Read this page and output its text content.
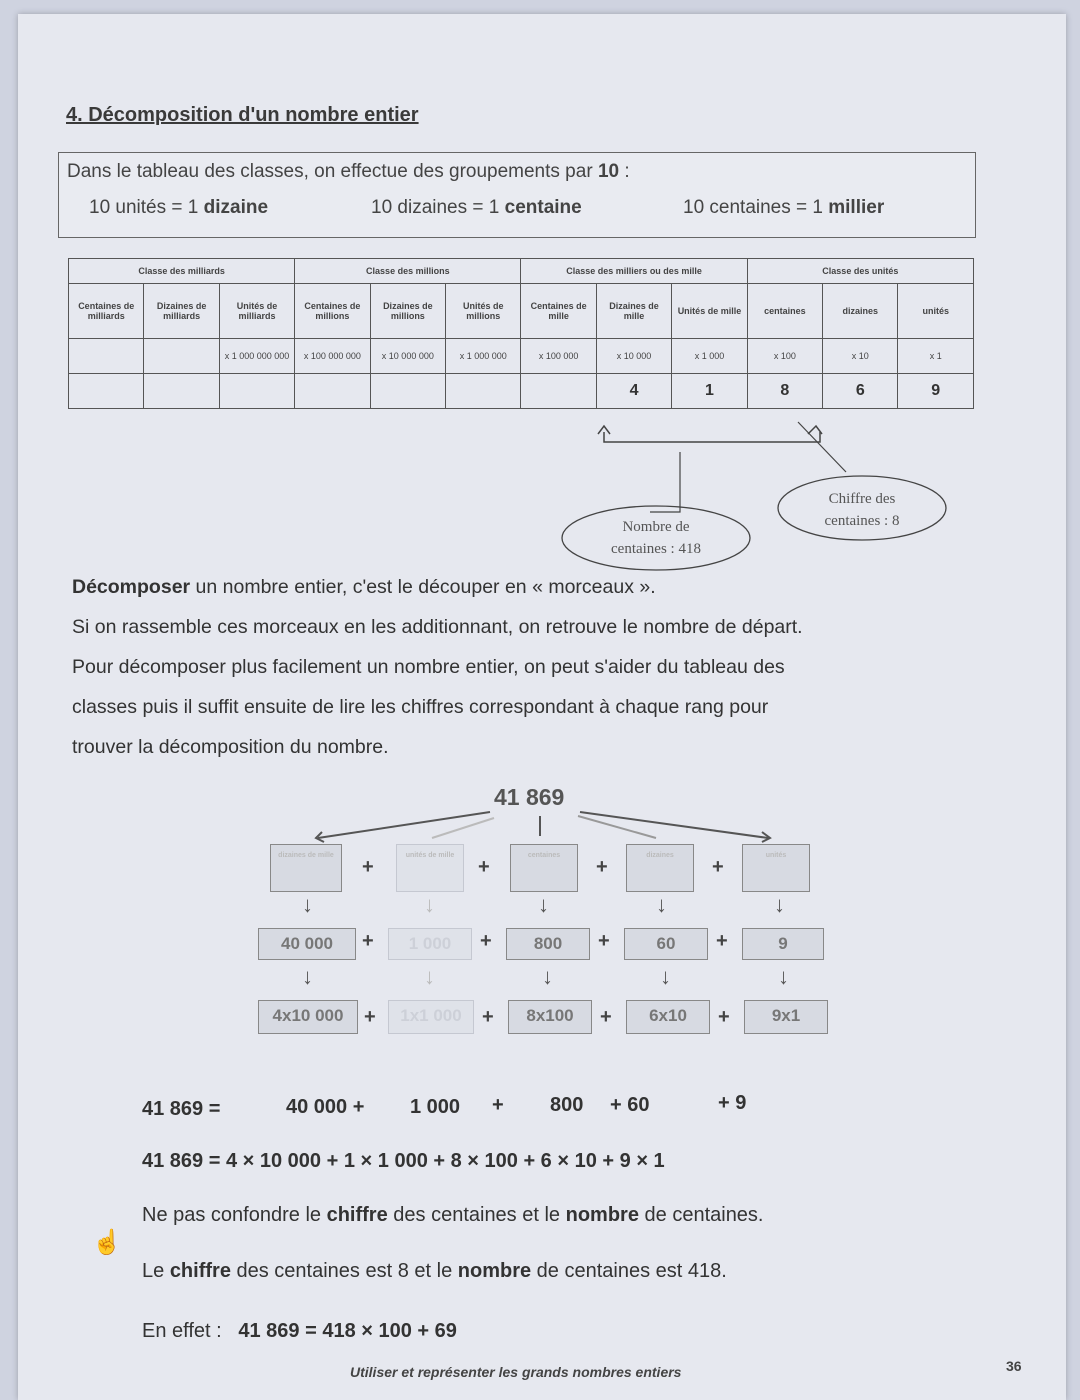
4. Décomposition d'un nombre entier
Dans le tableau des classes, on effectue des groupements par 10 :
10 unités = 1 dizaine	10 dizaines = 1 centaine	10 centaines = 1 millier
Classe des milliards			Classe des millions			Classe des milliers ou des mille			Classe des unités		
Centaines de milliards	Dizaines de milliards	Unités de milliards	Centaines de millions	Dizaines de millions	Unités de millions	Centaines de mille	Dizaines de mille	Unités de mille	centaines	dizaines	unités
		x 1 000 000 000	x 100 000 000	x 10 000 000	x 1 000 000	x 100 000	x 10 000	x 1 000	x 100	x 10	x 1
							4	1	8	6	9
Nombre de
centaines : 418
Chiffre des
centaines : 8
Décomposer un nombre entier, c'est le découper en « morceaux ».
Si on rassemble ces morceaux en les additionnant, on retrouve le nombre de départ.
Pour décomposer plus facilement un nombre entier, on peut s'aider du tableau des
classes puis il suffit ensuite de lire les chiffres correspondant à chaque rang pour
trouver la décomposition du nombre.
41 869
dizaines de mille	unités de mille	centaines	dizaines	unités
+	+	+	+
↓	↓	↓	↓	↓
40 000	1 000	800	60	9
+	+	+	+
↓	↓	↓	↓	↓
4x10 000	1x1 000	8x100	6x10	9x1
+	+	+	+
41 869 =	40 000 + 1 000 + 800 + 60	+ 9
41 869 = 4 × 10 000 + 1 × 1 000 + 8 × 100 + 6 × 10 + 9 × 1
☝
Ne pas confondre le chiffre des centaines et le nombre de centaines.
Le chiffre des centaines est 8 et le nombre de centaines est 418.
En effet : 41 869 = 418 × 100 + 69
Utiliser et représenter les grands nombres entiers	36
